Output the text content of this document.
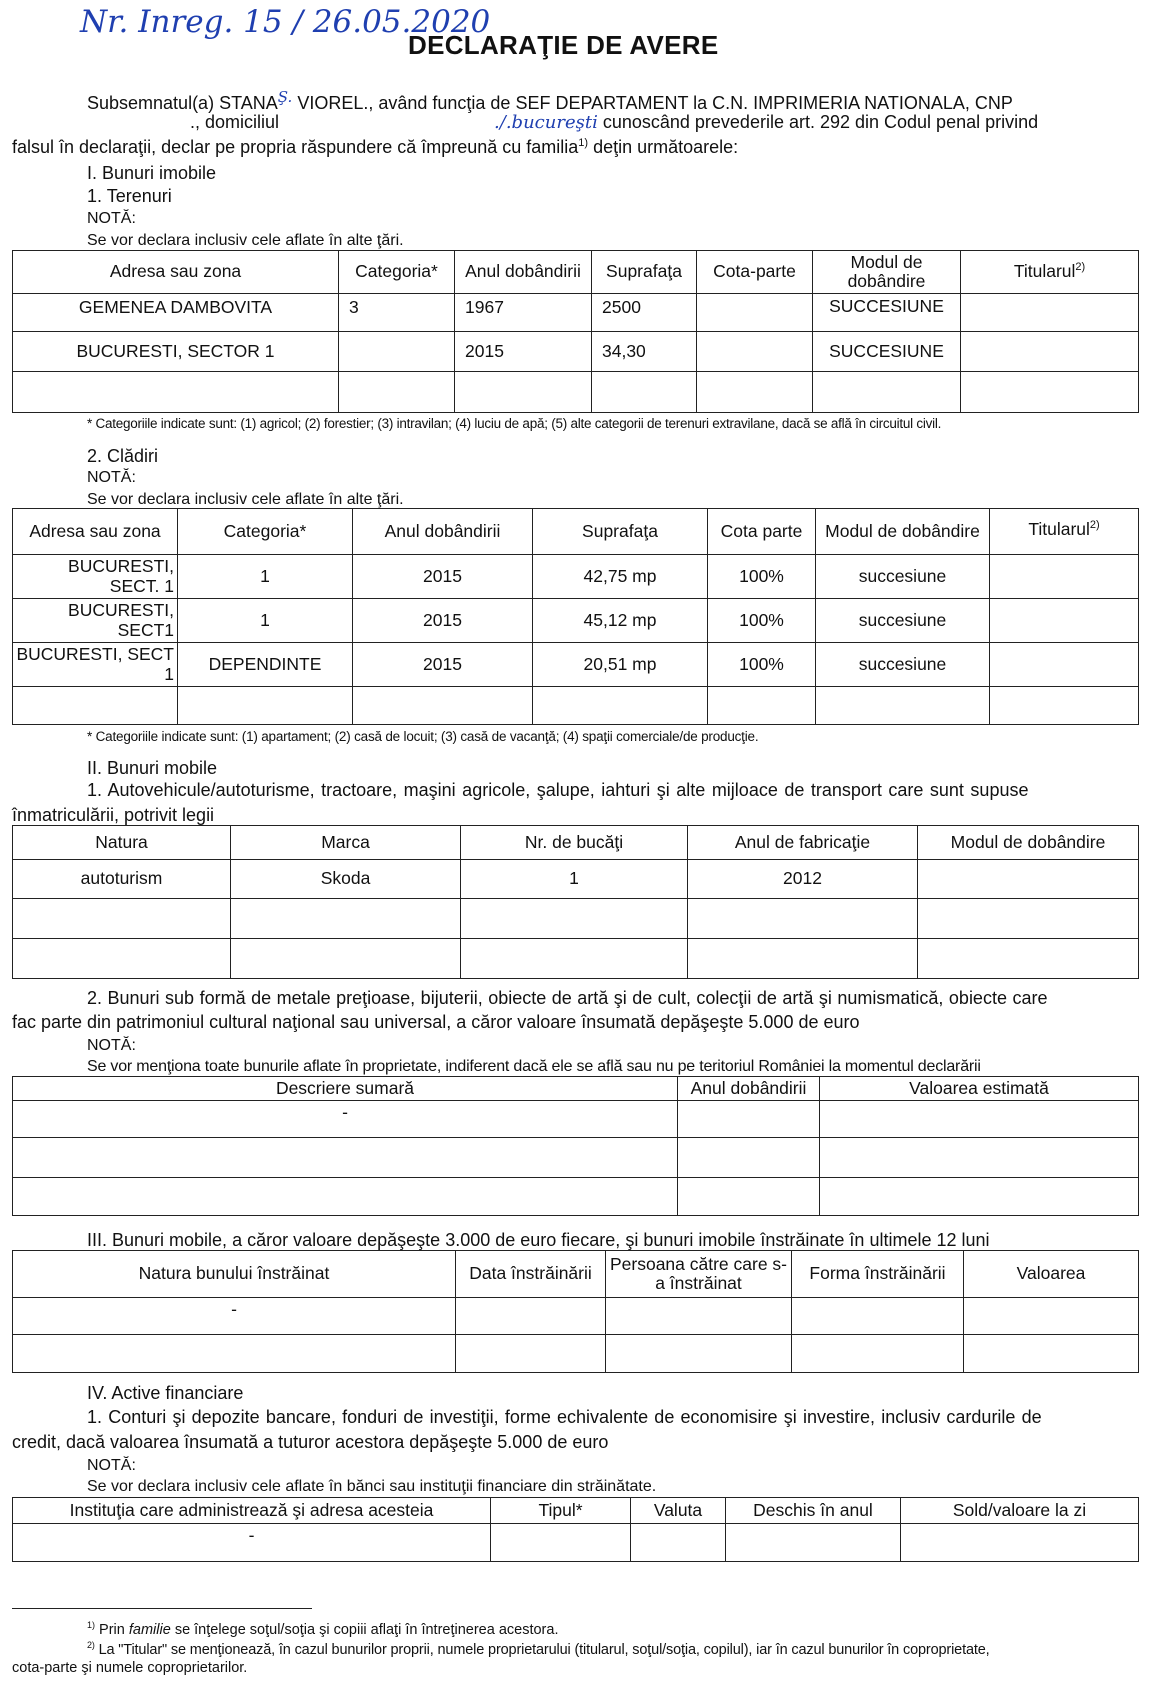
Nr. Inreg. 15 / 26.05.2020
DECLARAŢIE DE AVERE
Subsemnatul(a) $STANA^{Ş.}$ VIOREL., având funcţia de SEF DEPARTAMENT la C.N. IMPRIMERIA NATIONALA, CNP
., domiciliul	./.bucureşti cunoscând prevederile art. 292 din Codul penal privind
falsul în declaraţii, declar pe propria răspundere că împreună cu familia$^{1)}$ deţin următoarele:
I. Bunuri imobile
1. Terenuri
NOTĂ:
Se vor declara inclusiv cele aflate în alte ţări.
Adresa sau zona	Categoria*	Anul dobândirii	Suprafaţa	Cota-parte	Modul de dobândire	Titularul$^{2)}$
GEMENEA DAMBOVITA	3	1967	2500		SUCCESIUNE	
BUCURESTI, SECTOR 1		2015	34,30		SUCCESIUNE	

* Categoriile indicate sunt: (1) agricol; (2) forestier; (3) intravilan; (4) luciu de apă; (5) alte categorii de terenuri extravilane, dacă se află în circuitul civil.
2. Clădiri
NOTĂ:
Se vor declara inclusiv cele aflate în alte ţări.
Adresa sau zona	Categoria*	Anul dobândirii	Suprafaţa	Cota parte	Modul de dobândire	Titularul$^{2)}$
BUCURESTI, SECT. 1	1	2015	42,75 mp	100%	succesiune	
BUCURESTI, SECT1	1	2015	45,12 mp	100%	succesiune	
BUCURESTI, SECT 1	DEPENDINTE	2015	20,51 mp	100%	succesiune	

* Categoriile indicate sunt: (1) apartament; (2) casă de locuit; (3) casă de vacanţă; (4) spaţii comerciale/de producţie.
II. Bunuri mobile
1. Autovehicule/autoturisme, tractoare, maşini agricole, şalupe, iahturi şi alte mijloace de transport care sunt supuse
înmatriculării, potrivit legii
Natura	Marca	Nr. de bucăţi	Anul de fabricaţie	Modul de dobândire
autoturism	Skoda	1	2012	

2. Bunuri sub formă de metale preţioase, bijuterii, obiecte de artă şi de cult, colecţii de artă şi numismatică, obiecte care
fac parte din patrimoniul cultural naţional sau universal, a căror valoare însumată depăşeşte 5.000 de euro
NOTĂ:
Se vor menţiona toate bunurile aflate în proprietate, indiferent dacă ele se află sau nu pe teritoriul României la momentul declarării
Descriere sumară	Anul dobândirii	Valoarea estimată
-		

III. Bunuri mobile, a căror valoare depăşeşte 3.000 de euro fiecare, şi bunuri imobile înstrăinate în ultimele 12 luni
Natura bunului înstrăinat	Data înstrăinării	Persoana către care s-a înstrăinat	Forma înstrăinării	Valoarea
-				

IV. Active financiare
1. Conturi şi depozite bancare, fonduri de investiţii, forme echivalente de economisire şi investire, inclusiv cardurile de
credit, dacă valoarea însumată a tuturor acestora depăşeşte 5.000 de euro
NOTĂ:
Se vor declara inclusiv cele aflate în bănci sau instituţii financiare din străinătate.
Instituţia care administrează şi adresa acesteia	Tipul*	Valuta	Deschis în anul	Sold/valoare la zi
-				
$^{1)}$ Prin familie se înţelege soţul/soţia şi copiii aflaţi în întreţinerea acestora.
$^{2)}$ La "Titular" se menţionează, în cazul bunurilor proprii, numele proprietarului (titularul, soţul/soţia, copilul), iar în cazul bunurilor în coproprietate,
cota-parte şi numele coproprietarilor.
